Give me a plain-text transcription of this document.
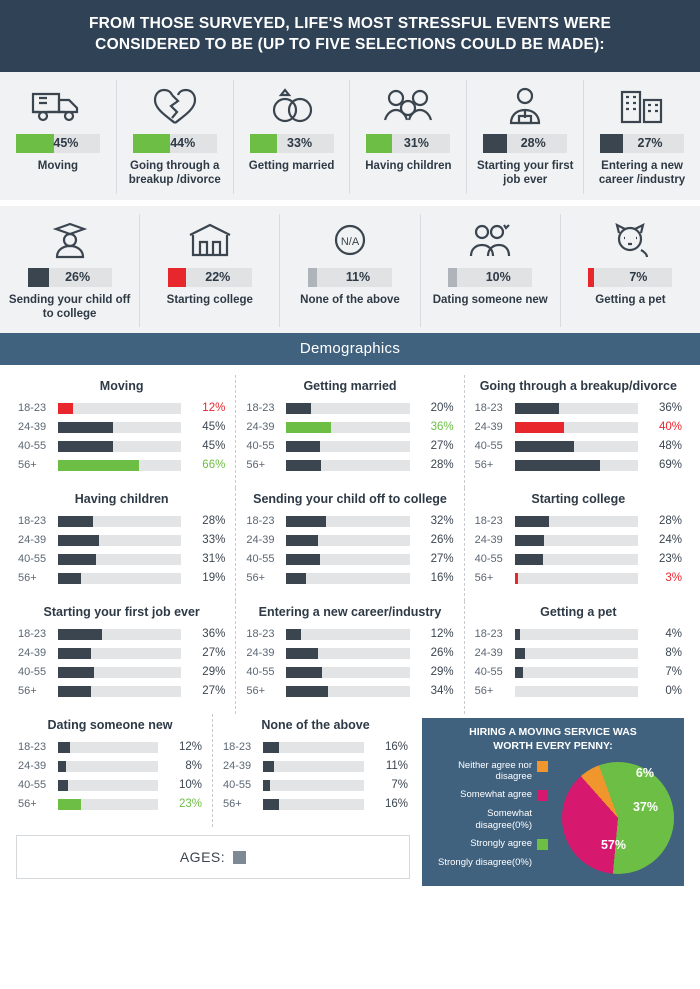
FROM THOSE SURVEYED, LIFE'S MOST STRESSFUL EVENTS WERE
CONSIDERED TO BE (UP TO FIVE SELECTIONS COULD BE MADE):
45%
Moving
44%
Going through a breakup /divorce
33%
Getting married
31%
Having children
28%
Starting your first job ever
27%
Entering a new career /industry
26%
Sending your child off to college
22%
Starting college
N/A
11%
None of the above
10%
Dating someone new
7%
Getting a pet
Demographics
Moving
18-23	12%
24-39	45%
40-55	45%
56+	66%
Getting married
18-23	20%
24-39	36%
40-55	27%
56+	28%
Going through a breakup/divorce
18-23	36%
24-39	40%
40-55	48%
56+	69%
Having children
18-23	28%
24-39	33%
40-55	31%
56+	19%
Sending your child off to college
18-23	32%
24-39	26%
40-55	27%
56+	16%
Starting college
18-23	28%
24-39	24%
40-55	23%
56+	3%
Starting your first job ever
18-23	36%
24-39	27%
40-55	29%
56+	27%
Entering a new career/industry
18-23	12%
24-39	26%
40-55	29%
56+	34%
Getting a pet
18-23	4%
24-39	8%
40-55	7%
56+	0%
Dating someone new
18-23	12%
24-39	8%
40-55	10%
56+	23%
None of the above
18-23	16%
24-39	11%
40-55	7%
56+	16%
AGES:
HIRING A MOVING SERVICE WAS
WORTH EVERY PENNY:
Neither agree nor disagree
Somewhat agree
Somewhat disagree(0%)
Strongly agree
Strongly disagree(0%)
6%
37%
57%
